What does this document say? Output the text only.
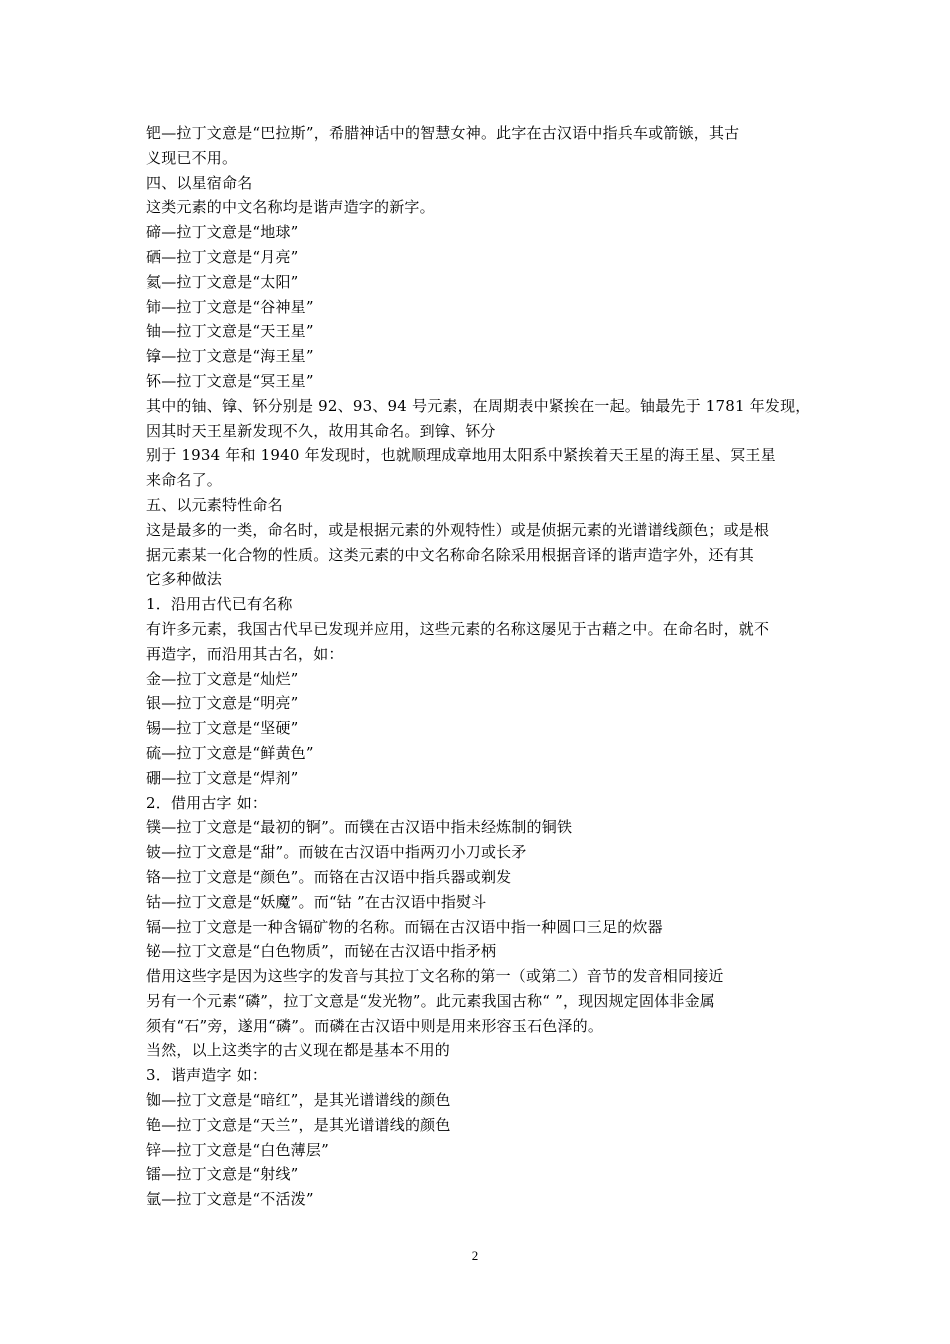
钯—拉丁文意是“巴拉斯”，希腊神话中的智慧女神。此字在古汉语中指兵车或箭镞，其古
义现已不用。
四、以星宿命名
这类元素的中文名称均是谐声造字的新字。
碲—拉丁文意是“地球”
硒—拉丁文意是“月亮”
氦—拉丁文意是“太阳”
铈—拉丁文意是“谷神星”
铀—拉丁文意是“天王星”
镎—拉丁文意是“海王星”
钚—拉丁文意是“冥王星”
其中的铀、镎、钚分别是 92、93、94 号元素，在周期表中紧挨在一起。铀最先于 1781 年发现，
因其时天王星新发现不久，故用其命名。到镎、钚分
别于 1934 年和 1940 年发现时，也就顺理成章地用太阳系中紧挨着天王星的海王星、冥王星
来命名了。
五、以元素特性命名
这是最多的一类，命名时，或是根据元素的外观特性）或是侦据元素的光谱谱线颜色；或是根
据元素某一化合物的性质。这类元素的中文名称命名除采用根据音译的谐声造字外，还有其
它多种做法
1．沿用古代已有名称
有许多元素，我国古代早已发现并应用，这些元素的名称这屡见于古藉之中。在命名时，就不
再造字，而沿用其古名，如：
金—拉丁文意是“灿烂”
银—拉丁文意是“明亮”
锡—拉丁文意是“坚硬”
硫—拉丁文意是“鲜黄色”
硼—拉丁文意是“焊剂”
2．借用古字 如：
镤—拉丁文意是“最初的锕”。而镤在古汉语中指未经炼制的铜铁
铍—拉丁文意是“甜”。而铍在古汉语中指两刃小刀或长矛
铬—拉丁文意是“颜色”。而铬在古汉语中指兵器或剃发
钴—拉丁文意是“妖魔”。而“钴 ”在古汉语中指熨斗
镉—拉丁文意是一种含镉矿物的名称。而镉在古汉语中指一种圆口三足的炊器
铋—拉丁文意是“白色物质”，而铋在古汉语中指矛柄
借用这些字是因为这些字的发音与其拉丁文名称的第一（或第二）音节的发音相同接近
另有一个元素“磷”，拉丁文意是“发光物”。此元素我国古称“ ”，现因规定固体非金属
须有“石”旁，遂用“磷”。而磷在古汉语中则是用来形容玉石色泽的。
当然，以上这类字的古义现在都是基本不用的
3．谐声造字 如：
铷—拉丁文意是“暗红”，是其光谱谱线的颜色
铯—拉丁文意是“天兰”，是其光谱谱线的颜色
锌—拉丁文意是“白色薄层”
镭—拉丁文意是“射线”
氩—拉丁文意是“不活泼”
2
